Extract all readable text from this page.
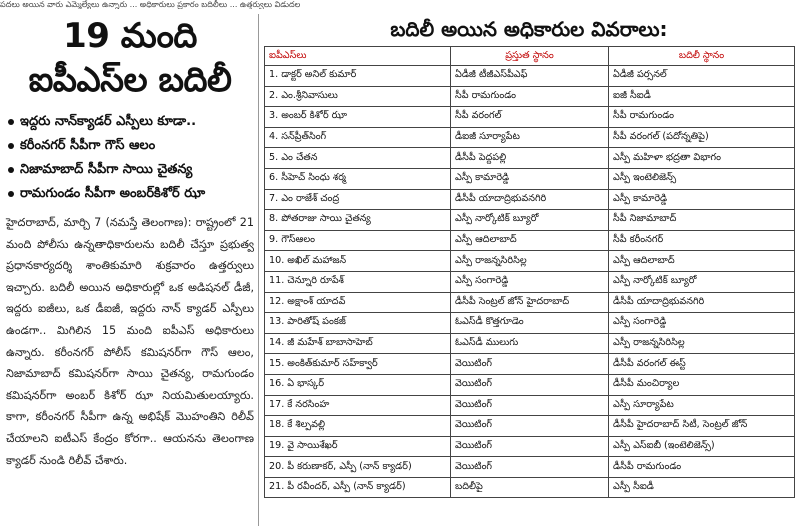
పదలు అయిన వారు ఎమ్మెల్యేలు ఉన్నారు ... అధికారులు ప్రకారం బదిలీలు ... ఉత్తర్వులు విడుదల
19 మంది
ఐపీఎస్‌ల బదిలీ
ఇద్దరు నాన్‌క్యాడర్ ఎస్పీలు కూడా..
కరీంనగర్ సీపీగా గౌస్ ఆలం
నిజామాబాద్ సీపీగా సాయి చైతన్య
రామగుండం సీపీగా అంబర్‌కిశోర్ ఝా
హైదరాబాద్, మార్చి 7 (నమస్తే తెలంగాణ): రాష్ట్రంలో 21 మంది పోలీసు ఉన్నతాధికారులను బదిలీ చేస్తూ ప్రభుత్వ ప్రధానకార్యదర్శి శాంతికుమారి శుక్రవారం ఉత్తర్వులు ఇచ్చారు. బదిలీ అయిన అధికారుల్లో ఒక అడిషనల్ డీజీ, ఇద్దరు ఐజీలు, ఒక డీఐజీ, ఇద్దరు నాన్ క్యాడర్ ఎస్పీలు ఉండగా.. మిగిలిన 15 మంది ఐపీఎస్ అధికారులు ఉన్నారు. కరీంనగర్ పోలీస్ కమిషనర్‌గా గౌస్ ఆలం, నిజామాబాద్ కమిషనర్‌గా సాయి చైతన్య, రామగుండం కమిషనర్‌గా అంబర్ కిశోర్ ఝా నియమితులయ్యారు. కాగా, కరీంనగర్ సీపీగా ఉన్న అభిషేక్ మొహంతిని రిలీవ్ చేయాలని ఐటీఎస్ కేంద్రం కోరగా.. ఆయనను తెలంగాణ క్యాడర్ నుండి రిలీవ్ చేశారు.
బదిలీ అయిన అధికారుల వివరాలు:
ఐపీఎస్‌లు	ప్రస్తుత స్థానం	బదిలీ స్థానం
1. డాక్టర్ అనిల్ కుమార్	ఏడీజీ టీజీఎస్‌పీఎఫ్	ఏడీజీ పర్సనల్
2. ఎం.శ్రీనివాసులు	సీపీ రామగుండం	ఐజీ సీఐడీ
3. అంబర్ కిశోర్ ఝా	సీపీ వరంగల్	సీపీ రామగుండం
4. సన్‌ప్రీత్‌సింగ్	డీఐజీ సూర్యాపేట	సీపీ వరంగల్ (పదోన్నతిపై)
5. ఎం చేతన	డీసీపీ పెద్దపల్లి	ఎస్పీ మహిళా భద్రతా విభాగం
6. సీహెచ్ సింధు శర్మ	ఎస్పీ కామారెడ్డి	ఎస్పీ ఇంటెలిజెన్స్
7. ఎం రాజేశ్ చంద్ర	డీసీపీ యాదాద్రిభువనగిరి	ఎస్పీ కామారెడ్డి
8. పోతరాజు సాయి చైతన్య	ఎస్పీ నార్కోటిక్ బ్యూరో	సీపీ నిజామాబాద్
9. గౌస్‌ఆలం	ఎస్పీ ఆదిలాబాద్	సీపీ కరీంనగర్
10. అఖిల్ మహాజన్	ఎస్పీ రాజన్నసిరిసిల్ల	ఎస్పీ ఆదిలాబాద్
11. చెన్నూరి రూపేశ్	ఎస్పీ సంగారెడ్డి	ఎస్పీ నార్కోటిక్ బ్యూరో
12. అక్షాంశ్ యాదవ్	డీసీపీ సెంట్రల్ జోన్ హైదరాబాద్	డీసీపీ యాదాద్రిభువనగిరి
13. పారితోష్ పంకజ్	ఓఎస్‌డీ కొత్తగూడెం	ఎస్పీ సంగారెడ్డి
14. జీ మహేశ్ బాబాసాహెబ్	ఓఎస్‌డీ ములుగు	ఎస్పీ రాజన్నసిరిసిల్ల
15. అంకిత్‌కుమార్ సహ్‌క్వార్	వెయిటింగ్	డీసీపీ వరంగల్ ఈస్ట్
16. ఏ భాస్కర్	వెయిటింగ్	డీసీపీ మంచిర్యాల
17. కే నరసింహ	వెయిటింగ్	ఎస్పీ సూర్యాపేట
18. కే శిల్పవల్లి	వెయిటింగ్	డీసీపీ హైదరాబాద్ సిటీ, సెంట్రల్ జోన్
19. వై సాయిశేఖర్	వెయిటింగ్	ఎస్పీ ఎస్ఐబీ (ఇంటెలిజెన్స్)
20. పీ కరుణాకర్, ఎస్పీ (నాన్ క్యాడర్)	వెయిటింగ్	డీసీపీ రామగుండం
21. పీ రవీందర్, ఎస్పీ (నాన్ క్యాడర్)	బదిలీపై	ఎస్పీ సీఐడీ
